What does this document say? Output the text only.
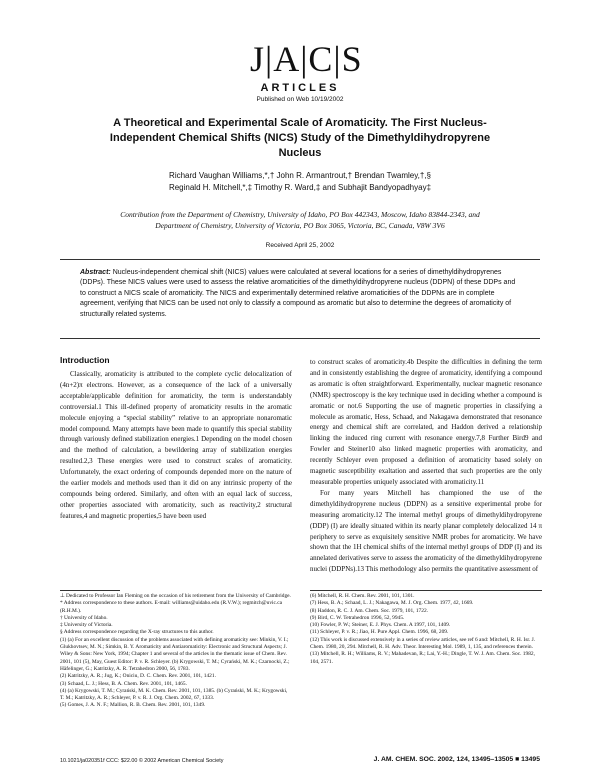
J|A|C|S
ARTICLES
Published on Web 10/19/2002
A Theoretical and Experimental Scale of Aromaticity. The First Nucleus-Independent Chemical Shifts (NICS) Study of the Dimethyldihydropyrene Nucleus
Richard Vaughan Williams,*,† John R. Armantrout,† Brendan Twamley,†,§
Reginald H. Mitchell,*,‡ Timothy R. Ward,‡ and Subhajit Bandyopadhyay‡
Contribution from the Department of Chemistry, University of Idaho, PO Box 442343, Moscow, Idaho 83844-2343, and Department of Chemistry, University of Victoria, PO Box 3065, Victoria, BC, Canada, V8W 3V6
Received April 25, 2002
Abstract: Nucleus-independent chemical shift (NICS) values were calculated at several locations for a series of dimethyldihydropyrenes (DDPs). These NICS values were used to assess the relative aromaticities of the dimethyldihydropyrene nucleus (DDPN) of these DDPs and to construct a NICS scale of aromaticity. The NICS and experimentally determined relative aromaticities of the DDPNs are in complete agreement, verifying that NICS can be used not only to classify a compound as aromatic but also to determine the degrees of aromaticity of structurally related systems.
Introduction

Classically, aromaticity is attributed to the complete cyclic delocalization of (4n+2)π electrons. However, as a consequence of the lack of a universally acceptable/applicable definition for aromaticity, the term is understandably controversial.1 This ill-defined property of aromaticity results in the aromatic molecule enjoying a “special stability” relative to an appropriate nonaromatic model compound. Many attempts have been made to quantify this special stability through variously defined stabilization energies.1 Depending on the model chosen and the method of calculation, a bewildering array of stabilization energies resulted.2,3 These energies were used to construct scales of aromaticity. Unfortunately, the exact ordering of compounds depended more on the nature of the earlier models and methods used than it did on any intrinsic property of the compounds being ordered. Similarly, and often with an equal lack of success, other properties associated with aromaticity, such as reactivity,2 structural features,4 and magnetic properties,5 have been used

to construct scales of aromaticity.4b Despite the difficulties in defining the term and in consistently establishing the degree of aromaticity, identifying a compound as aromatic is often straightforward. Experimentally, nuclear magnetic resonance (NMR) spectroscopy is the key technique used in deciding whether a compound is aromatic or not.6 Supporting the use of magnetic properties in classifying a molecule as aromatic, Hess, Schaad, and Nakagawa demonstrated that resonance energy and chemical shift are correlated, and Haddon derived a relationship linking the induced ring current with resonance energy.7,8 Further Bird9 and Fowler and Steiner10 also linked magnetic properties with aromaticity, and recently Schleyer even proposed a definition of aromaticity based solely on magnetic susceptibility exaltation and asserted that such properties are the only measurable properties uniquely associated with aromaticity.11

For many years Mitchell has championed the use of the dimethyldihydropyrene nucleus (DDPN) as a sensitive experimental probe for measuring aromaticity.12 The internal methyl groups of dimethyldihydropyrene (DDP) (I) are ideally situated within its nearly planar completely delocalized 14 π periphery to serve as exquisitely sensitive NMR probes for aromaticity. We have shown that the 1H chemical shifts of the internal methyl groups of DDP (I) and its annelated derivatives serve to assess the aromaticity of the dimethyldihydropyrene nuclei (DDPNs).13 This methodology also permits the quantitative assessment of

⊥ Dedicated to Professor Ian Fleming on the occasion of his retirement from the University of Cambridge.
* Address correspondence to these authors. E-mail: williams@uidaho.edu (R.V.W.); regmitch@uvic.ca (R.H.M.).
† University of Idaho.
‡ University of Victoria.
§ Address correspondence regarding the X-ray structures to this author.
(1) (a) For an excellent discussion of the problems associated with defining aromaticity see: Minkin, V. I.; Glukhovtsev, M. N.; Simkin, B. Y. Aromaticity and Antiaromaticity: Electronic and Structural Aspects; J. Wiley & Sons: New York, 1994; Chapter 1 and several of the articles in the thematic issue of Chem. Rev. 2001, 101 (5), May, Guest Editor: P. v. R. Schleyer. (b) Krygowski, T. M.; Cyrański, M. K.; Czarnocki, Z.; Häfelinger, G.; Katritzky, A. R. Tetrahedron 2000, 56, 1783.
(2) Katritzky, A. R.; Jug, K.; Oniciu, D. C. Chem. Rev. 2001, 101, 1421.
(3) Schaad, L. J.; Hess, B. A. Chem. Rev. 2001, 101, 1465.
(4) (a) Krygowski, T. M.; Cyrański, M. K. Chem. Rev. 2001, 101, 1385. (b) Cyrański, M. K.; Krygowski, T. M.; Katritzky, A. R.; Schleyer, P. v. R. J. Org. Chem. 2002, 67, 1333.
(5) Gomes, J. A. N. F.; Mallion, R. B. Chem. Rev. 2001, 101, 1349.
(6) Mitchell, R. H. Chem. Rev. 2001, 101, 1301.
(7) Hess, B. A.; Schaad, L. J.; Nakagawa, M. J. Org. Chem. 1977, 42, 1669.
(8) Haddon, R. C. J. Am. Chem. Soc. 1979, 101, 1722.
(9) Bird, C. W. Tetrahedron 1996, 52, 9945.
(10) Fowler, P. W.; Steiner, E. J. Phys. Chem. A 1997, 101, 1409.
(11) Schleyer, P. v. R.; Jiao, H. Pure Appl. Chem. 1996, 68, 209.
(12) This work is discussed extensively in a series of review articles, see ref 6 and: Mitchell, R. H. Isr. J. Chem. 1980, 20, 294. Mitchell, R. H. Adv. Theor. Interesting Mol. 1989, 1, 135, and references therein.
(13) Mitchell, R. H.; Williams, R. V.; Mahadevan, R.; Lai, Y.-H.; Dingle, T. W. J. Am. Chem. Soc. 1982, 104, 2571.
10.1021/ja020351f CCC: $22.00 © 2002 American Chemical Society	J. AM. CHEM. SOC. 2002, 124, 13495–13505 ■ 13495
